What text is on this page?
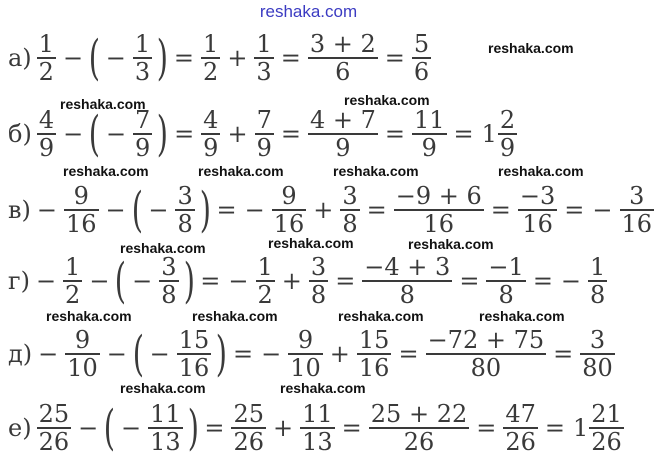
reshaka.com
$а) \frac{1}{2}$ − ( − $\frac{1}{3}$ ) = $\frac{1}{2} + \frac{1}{3} = \frac{3 + 2}{6} = \frac{5}{6}$
$б) \frac{4}{9}$ − ( − $\frac{7}{9}$ ) = $\frac{4}{9} + \frac{7}{9} = \frac{4 + 7}{9} = \frac{11}{9} = 1 \frac{2}{9}$
$в) - \frac{9}{16}$ − ( − $\frac{3}{8}$ ) = − $\frac{9}{16} + \frac{3}{8} = \frac{-9 + 6}{16} = \frac{-3}{16}$ = − $\frac{3}{16}$
$г) - \frac{1}{2}$ − ( − $\frac{3}{8}$ ) = − $\frac{1}{2} + \frac{3}{8} = \frac{-4 + 3}{8} = \frac{-1}{8}$ = − $\frac{1}{8}$
$д) - \frac{9}{10}$ − ( − $\frac{15}{16}$ ) = − $\frac{9}{10} + \frac{15}{16} = \frac{-72 + 75}{80} = \frac{3}{80}$
$е) \frac{25}{26}$ − ( − $\frac{11}{13}$ ) = $\frac{25}{26} + \frac{11}{13} = \frac{25 + 22}{26} = \frac{47}{26} = 1 \frac{21}{26}$
reshaka.com
reshaka.com	reshaka.com
reshaka.com	reshaka.com	reshaka.com	reshaka.com
reshaka.com	reshaka.com	reshaka.com
reshaka.com	reshaka.com	reshaka.com	reshaka.com
reshaka.com	reshaka.com
